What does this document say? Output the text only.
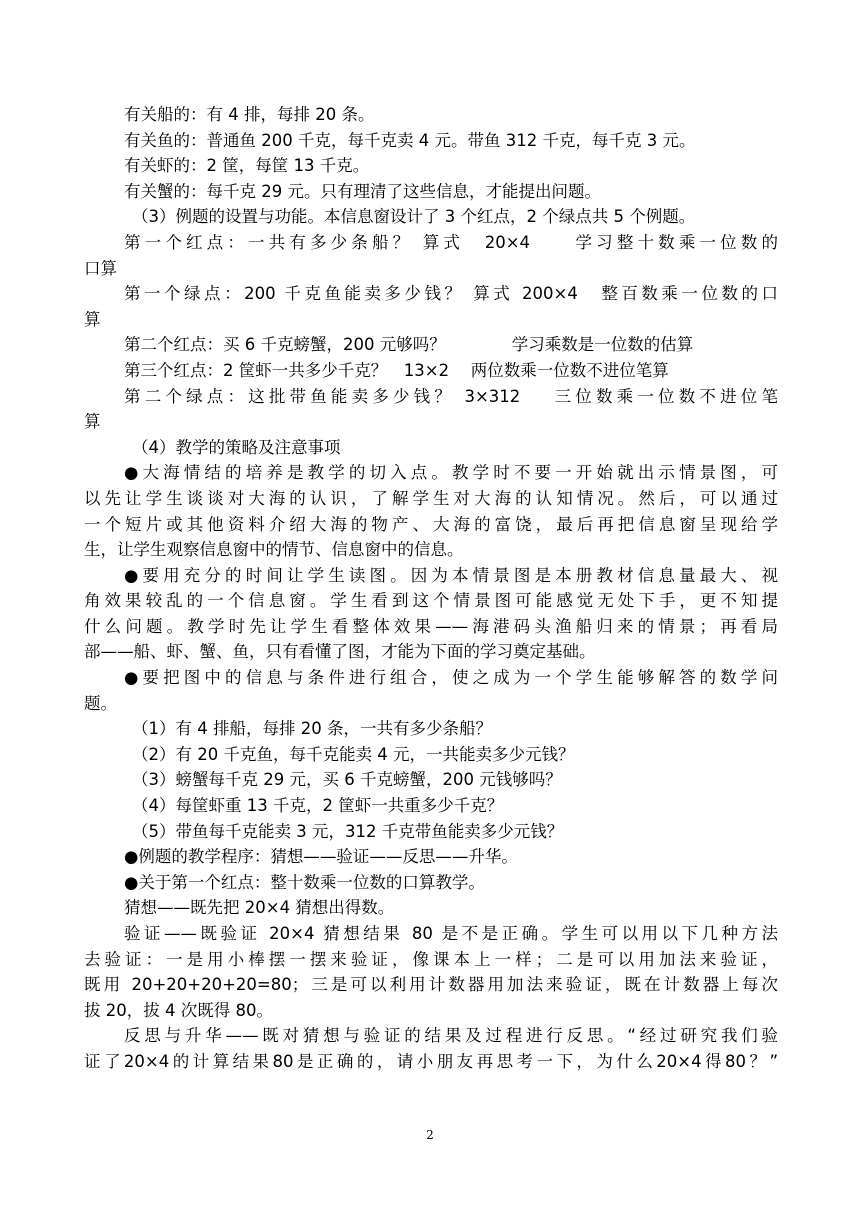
有关船的：有 4 排，每排 20 条。
有关鱼的：普通鱼 200 千克，每千克卖 4 元。带鱼 312 千克，每千克 3 元。
有关虾的：2 筐，每筐 13 千克。
有关蟹的：每千克 29 元。只有理清了这些信息，才能提出问题。
（3）例题的设置与功能。本信息窗设计了 3 个红点，2 个绿点共 5 个例题。
第一个红点：一共有多少条船？ 算式　20×4　　学习整十数乘一位数的
口算
第一个绿点：200 千克鱼能卖多少钱？ 算式 200×4　整百数乘一位数的口
算
第二个红点：买 6 千克螃蟹，200 元够吗？　　　　学习乘数是一位数的估算
第三个红点：2 筐虾一共多少千克？　13×2　 两位数乘一位数不进位笔算
第二个绿点：这批带鱼能卖多少钱？ 3×312　 三位数乘一位数不进位笔
算
（4）教学的策略及注意事项
●大海情结的培养是教学的切入点。教学时不要一开始就出示情景图，可
以先让学生谈谈对大海的认识，了解学生对大海的认知情况。然后，可以通过
一个短片或其他资料介绍大海的物产、大海的富饶，最后再把信息窗呈现给学
生，让学生观察信息窗中的情节、信息窗中的信息。
●要用充分的时间让学生读图。因为本情景图是本册教材信息量最大、视
角效果较乱的一个信息窗。学生看到这个情景图可能感觉无处下手，更不知提
什么问题。教学时先让学生看整体效果——海港码头渔船归来的情景；再看局
部——船、虾、蟹、鱼，只有看懂了图，才能为下面的学习奠定基础。
●要把图中的信息与条件进行组合，使之成为一个学生能够解答的数学问
题。
（1）有 4 排船，每排 20 条，一共有多少条船？
（2）有 20 千克鱼，每千克能卖 4 元，一共能卖多少元钱？
（3）螃蟹每千克 29 元，买 6 千克螃蟹，200 元钱够吗？
（4）每筐虾重 13 千克，2 筐虾一共重多少千克？
（5）带鱼每千克能卖 3 元，312 千克带鱼能卖多少元钱？
●例题的教学程序：猜想——验证——反思——升华。
●关于第一个红点：整十数乘一位数的口算教学。
猜想——既先把 20×4 猜想出得数。
验证——既验证 20×4 猜想结果 80 是不是正确。学生可以用以下几种方法
去验证：一是用小棒摆一摆来验证，像课本上一样；二是可以用加法来验证，
既用 20+20+20+20=80；三是可以利用计数器用加法来验证，既在计数器上每次
拔 20，拔 4 次既得 80。
反思与升华——既对猜想与验证的结果及过程进行反思。“经过研究我们验
证了20×4的计算结果80是正确的，请小朋友再思考一下，为什么20×4得80？”
2
